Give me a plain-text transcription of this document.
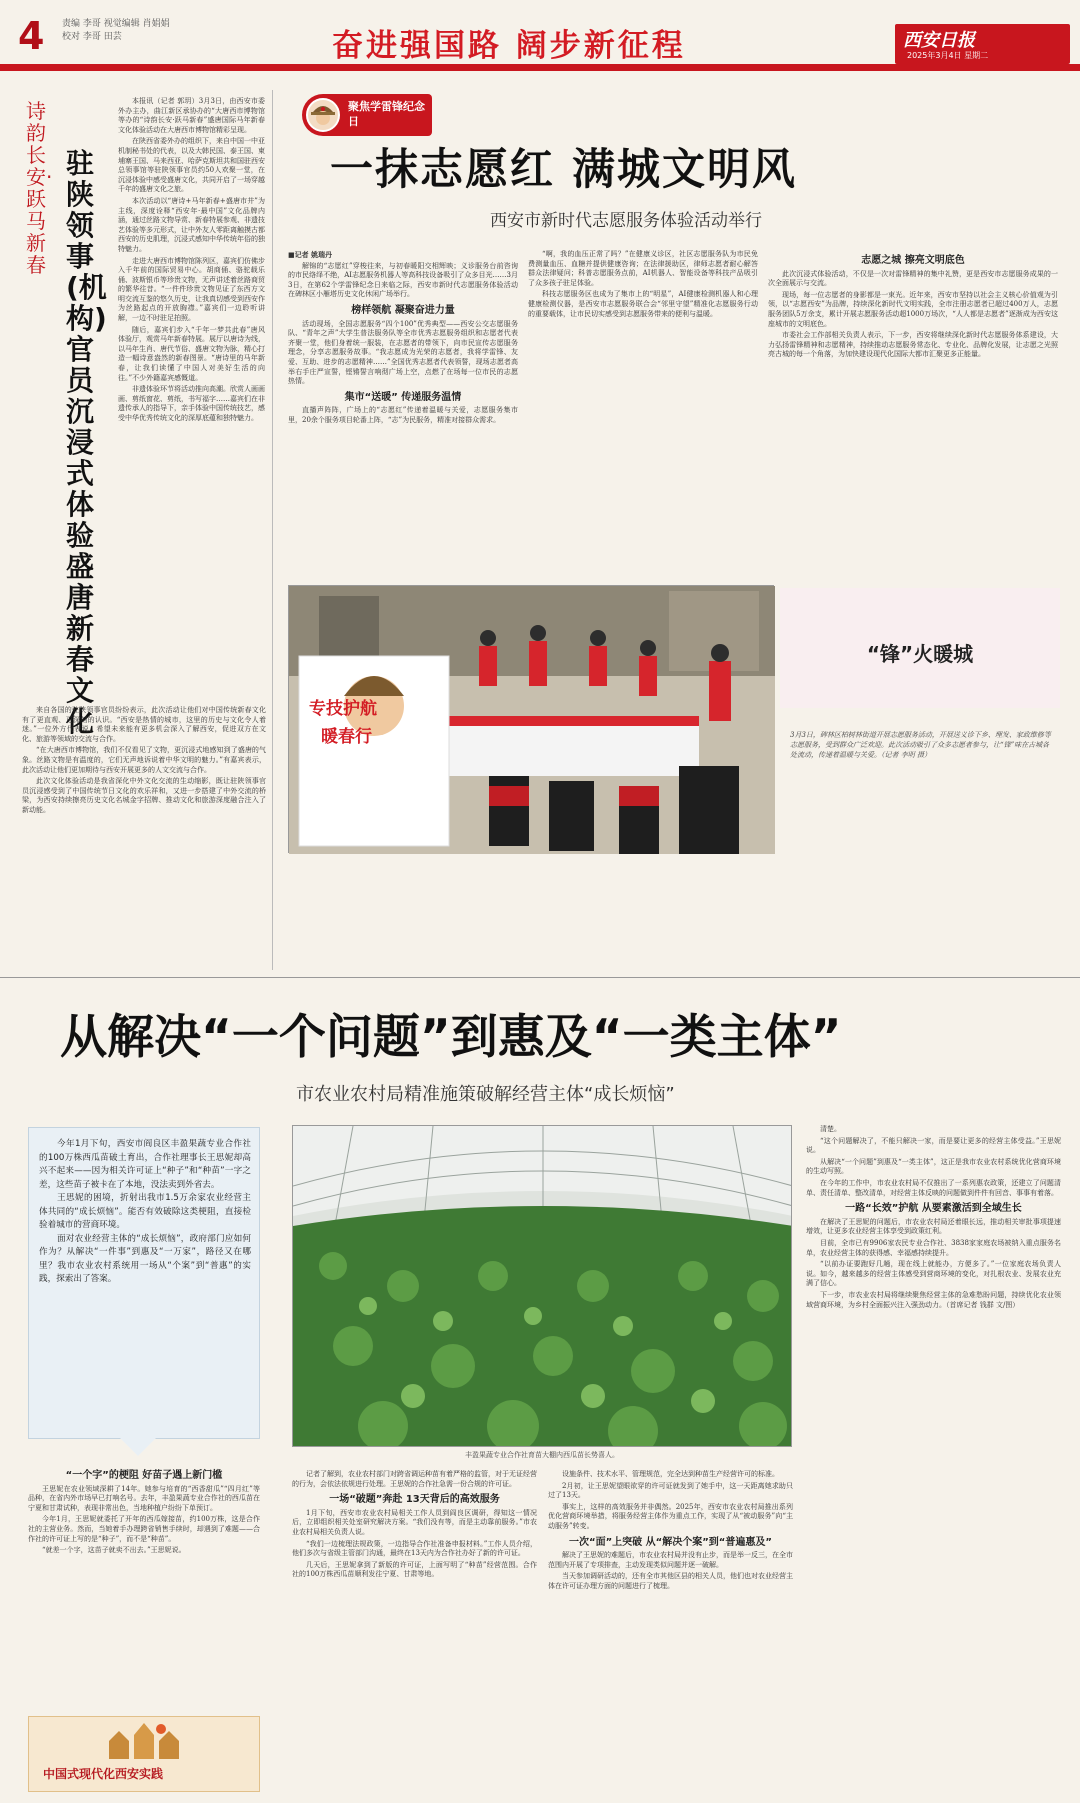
4 责编 李哥 视觉编辑 肖娟娟
校对 李哥 田芸	奋进强国路 阔步新征程	西安日报
2025年3月4日 星期二
诗韵长安·跃马新春
驻陕领事(机构)官员沉浸式体验盛唐新春文化

本报讯（记者 郭玥）3月3日，由西安市委外办主办，曲江新区承协办的“大唐西市博物馆等办的“诗韵长安·跃马新春”盛唐国际马年新春文化体验活动在大唐西市博物馆精彩呈现。

在陕西省委外办的组织下，来自中国一中亚机制秘书处的代表，以及大韩民国、泰王国、柬埔寨王国、马来西亚、哈萨克斯坦共和国驻西安总领事馆等驻陕领事官员约50人欢聚一堂，在沉浸体验中感受盛唐文化，共同开启了一场穿越千年的盛唐文化之旅。

本次活动以“唐诗+马年新春+盛唐市井”为主线，深度诠释“西安年·最中国”文化品牌内涵，通过丝路文物导赏、新春特展参观、非遗技艺体验等多元形式，让中外友人零距离触摸古都西安的历史肌理，沉浸式感知中华传统年俗的独特魅力。

走进大唐西市博物馆陈列区，嘉宾们仿佛步入千年前的国际贸易中心。胡商俑、骆驼载乐俑、波斯银币等珍贵文物，无声讲述着丝路商贸的繁华往昔。“一件件珍贵文物见证了东西方文明交流互鉴的悠久历史，让我真切感受到西安作为丝路起点的开放胸襟。”嘉宾们一边聆听讲解，一边不时驻足拍照。

随后，嘉宾们步入“千年一梦共此春”唐风体验厅，观赏马年新春特展。展厅以唐诗为线，以马年生肖、唐代节俗、盛唐文物为脉，精心打造一幅诗意盎然的新春图景。“唐诗里的马年新春，让我们读懂了中国人对美好生活的向往。”不少外籍嘉宾感慨道。

非遗体验环节将活动推向高潮。欣赏人画画画、剪纸窗花、剪纸，书写福字……嘉宾们在非遗传承人的指导下，亲手体验中国传统技艺，感受中华优秀传统文化的深厚底蕴和独特魅力。

来自各国的驻陕领事官员纷纷表示，此次活动让他们对中国传统新春文化有了更直观、更深刻的认识。“西安是热情的城市，这里的历史与文化令人着迷。”一位外方代表说，希望未来能有更多机会深入了解西安，促进双方在文化、旅游等领域的交流与合作。

“在大唐西市博物馆，我们不仅看见了文物，更沉浸式地感知到了盛唐的气象。丝路文物是有温度的，它们无声地诉说着中华文明的魅力。”有嘉宾表示，此次活动让他们更加期待与西安开展更多的人文交流与合作。

此次文化体验活动是我省深化中外文化交流的生动缩影，既让驻陕领事官员沉浸感受到了中国传统节日文化的欢乐祥和，又进一步搭建了中外交流的桥梁，为西安持续擦亮历史文化名城金字招牌、推动文化和旅游深度融合注入了新动能。

聚焦学雷锋纪念日
一抹志愿红 满城文明风
西安市新时代志愿服务体验活动举行

■记者 姚瑞丹

解锦的“志愿红”穿梭往来，与初春暖阳交相辉映；义诊服务台前咨询的市民络绎不绝，AI志愿服务机器人等高科技设备吸引了众多目光……3月3日，在第62个学雷锋纪念日来临之际，西安市新时代志愿服务体验活动在碑林区小雁塔历史文化休闲广场举行。

榜样领航 凝聚奋进力量

活动现场，全国志愿服务“四个100”优秀典型——西安公交志愿服务队、“青年之声”大学生普法服务队等全市优秀志愿服务组织和志愿者代表齐聚一堂，他们身着统一服装，在志愿者的带领下，向市民宣传志愿服务理念，分享志愿服务故事。“我志愿成为光荣的志愿者，我将学雷锋、友爱、互助、进步的志愿精神……”全国优秀志愿者代表领誓，现场志愿者高举右手庄严宣誓，铿锵誓言响彻广场上空，点燃了在场每一位市民的志愿热情。

集市“送暖” 传递服务温情

直播声阵阵，广场上的“志愿红”传递着温暖与关爱，志愿服务集市里，20余个服务项目轮番上阵，“志”为民服务，精准对接群众需求。

“啊，我的血压正常了吗？”在健康义诊区，社区志愿服务队为市民免费测量血压、血糖并提供健康咨询；在法律援助区，律师志愿者耐心解答群众法律疑问；科普志愿服务点前，AI机器人、智能设备等科技产品吸引了众多孩子驻足体验。

科技志愿服务区也成为了集市上的“明星”，AI健康检测机器人和心理健康检测仪器，是西安市志愿服务联合会“邻里守望”精准化志愿服务行动的重要载体，让市民切实感受到志愿服务带来的便利与温暖。

志愿之城 擦亮文明底色

此次沉浸式体验活动，不仅是一次对雷锋精神的集中礼赞，更是西安市志愿服务成果的一次全面展示与交流。

现场，每一位志愿者的身影都是一束光。近年来，西安市坚持以社会主义核心价值观为引领，以“志愿西安”为品牌，持续深化新时代文明实践，全市注册志愿者已超过400万人，志愿服务团队5万余支，累计开展志愿服务活动超1000万场次，“人人都是志愿者”逐渐成为西安这座城市的文明底色。

市委社会工作部相关负责人表示，下一步，西安将继续深化新时代志愿服务体系建设，大力弘扬雷锋精神和志愿精神，持续推动志愿服务常态化、专业化、品牌化发展，让志愿之光照亮古城的每一个角落，为加快建设现代化国际大都市汇聚更多正能量。

专技护航
暖春行
“锋”火暖城
3月3日，碑林区柏树林街道开展志愿服务活动，开展送义诊下乡、理发、家政维修等志愿服务，受到群众广泛欢迎。此次活动吸引了众多志愿者参与，让“锋”味在古城各处流动，传递着温暖与关爱。（记者 李明 摄）
从解决“一个问题”到惠及“一类主体”
市农业农村局精准施策破解经营主体“成长烦恼”

今年1月下旬，西安市阎良区丰盈果蔬专业合作社的100万株西瓜苗破土育出，合作社理事长王思妮却高兴不起来——因为相关许可证上“种子”和“种苗”一字之差，这些苗子被卡在了本地，没法卖到外省去。

王思妮的困境，折射出我市1.5万余家农业经营主体共同的“成长烦恼”。能否有效破除这类梗阻，直接检验着城市的营商环境。

面对农业经营主体的“成长烦恼”，政府部门应如何作为？从解决“一件事”到惠及“一万家”，路径又在哪里？我市农业农村系统用一场从“个案”到“普惠”的实践，探索出了答案。

“一个字”的梗阻 好苗子遇上新门槛

王思妮在农业领域深耕了14年。她参与培育的“西香甜瓜”“四月红”等品种，在省内外市场早已打响名号。去年，丰盈果蔬专业合作社的西瓜苗在宁夏和甘肃试种，表现非常出色，当地种植户纷纷下单预订。

今年1月，王思妮就委托了开年的西瓜嫁接苗，约100万株，这是合作社的主营业务。然而，当她着手办理跨省销售手续时，却遇到了难题——合作社的许可证上写的是“种子”，而不是“种苗”。

“就差一个字，这苗子就卖不出去。”王思妮说。

中国式现代化西安实践
丰盈果蔬专业合作社育苗大棚内西瓜苗长势喜人。

记者了解到，农业农村部门对跨省调运种苗有着严格的监管，对于无证经营的行为，会依法依规进行处理。王思妮的合作社急需一份合规的许可证。

一场“破题”奔赴 13天背后的高效服务

1月下旬，西安市农业农村局相关工作人员到阎良区调研，得知这一情况后，立即组织相关处室研究解决方案。“我们没有等，而是主动靠前服务。”市农业农村局相关负责人说。

“我们一边梳理法规政策，一边指导合作社准备申报材料。”工作人员介绍，他们多次与省级主管部门沟通，最终在13天内为合作社办好了新的许可证。

几天后，王思妮拿到了新版的许可证，上面写明了“种苗”经营范围。合作社的100万株西瓜苗顺利发往宁夏、甘肃等地。

设施条件、技术水平、管理规范，完全达到种苗生产经营许可的标准。

2月初，让王思妮望眼欲穿的许可证就发到了她手中，这一天距离她求助只过了13天。

事实上，这样的高效服务并非偶然。2025年，西安市农业农村局推出系列优化营商环境举措，将服务经营主体作为重点工作，实现了从“被动服务”向“主动服务”转变。

一次“面”上突破 从“解决个案”到“普遍惠及”

解决了王思妮的难题后，市农业农村局并没有止步，而是举一反三，在全市范围内开展了专项排查，主动发现类似问题并逐一破解。

当天参加调研活动的，还有全市其他区县的相关人员，他们也对农业经营主体在许可证办理方面的问题进行了梳理。

清楚。

“这个问题解决了，不能只解决一家，而是要让更多的经营主体受益。”王思妮说。

从解决“一个问题”到惠及“一类主体”，这正是我市农业农村系统优化营商环境的生动写照。

在今年的工作中，市农业农村局不仅推出了一系列惠农政策，还建立了问题清单、责任清单、整改清单，对经营主体反映的问题做到件件有回音、事事有着落。

一路“长效”护航 从要素激活到全域生长

在解决了王思妮的问题后，市农业农村局还着眼长远，推动相关审批事项提速增效，让更多农业经营主体享受到政策红利。

目前，全市已有9906家农民专业合作社、3838家家庭农场被纳入重点服务名单，农业经营主体的获得感、幸福感持续提升。

“以前办证要跑好几趟，现在线上就能办，方便多了。”一位家庭农场负责人说。如今，越来越多的经营主体感受到营商环境的变化，对扎根农业、发展农业充满了信心。

下一步，市农业农村局将继续聚焦经营主体的急难愁盼问题，持续优化农业领域营商环境，为乡村全面振兴注入强劲动力。（首席记者 钱群 文/图）
